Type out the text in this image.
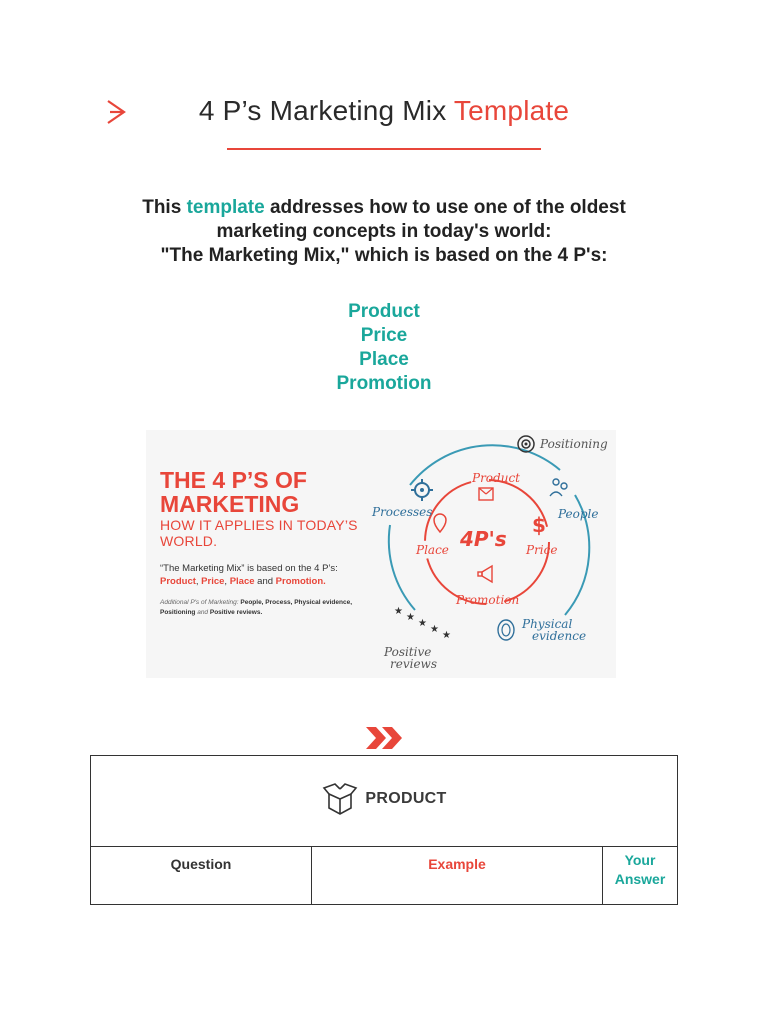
4 P’s Marketing Mix Template
This template addresses how to use one of the oldest
marketing concepts in today's world:
"The Marketing Mix," which is based on the 4 P's:
Product
Price
Place
Promotion
THE 4 P’S OF
MARKETING
HOW IT APPLIES IN TODAY’S
WORLD.
“The Marketing Mix” is based on the 4 P’s:
Product, Price, Place and Promotion.
Additional P's of Marketing: People, Process, Physical evidence, Positioning and Positive reviews.
Positioning
Product
Processes	People
Place 4P's
$
Price
Promotion
Physical
evidence
★
★
★
★
★
Positive
reviews
PRODUCT

Question	Example	Your
Answer
